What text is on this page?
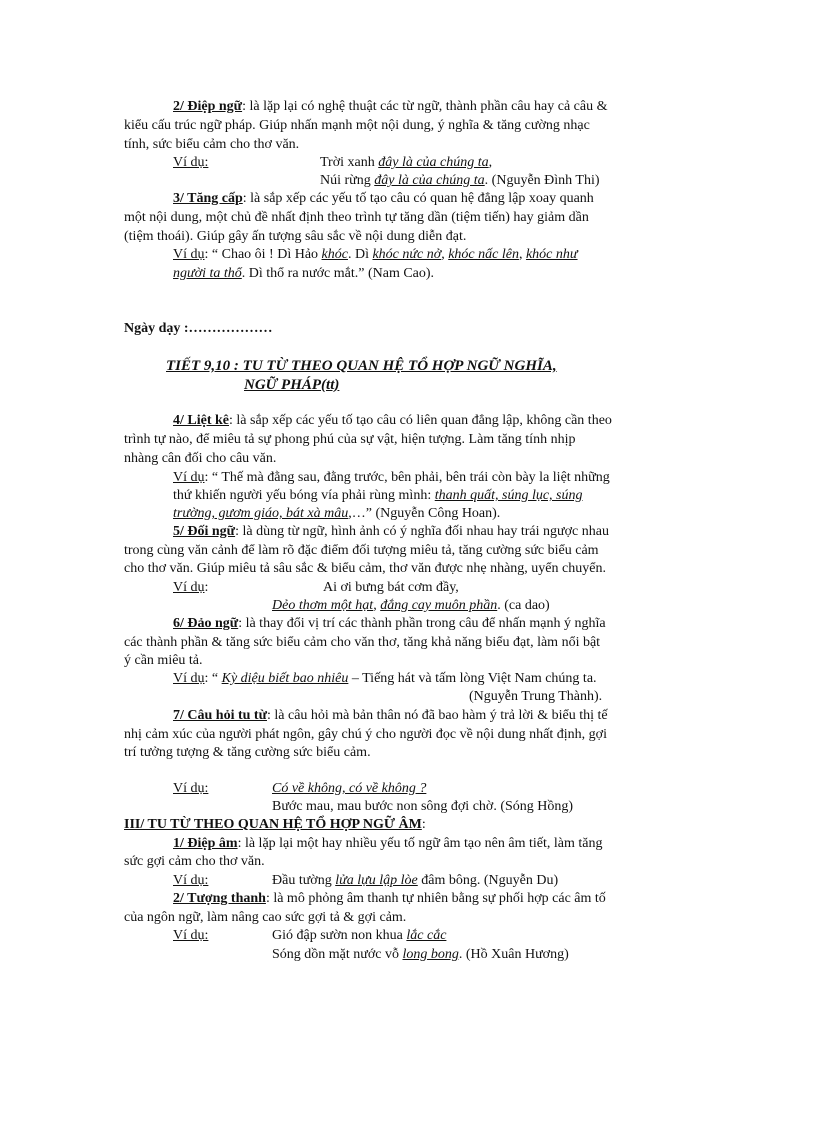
2/ Điệp ngữ: là lặp lại có nghệ thuật các từ ngữ, thành phần câu hay cả câu &
kiểu cấu trúc ngữ pháp. Giúp nhấn mạnh một nội dung, ý nghĩa & tăng cường nhạc
tính, sức biểu cảm cho thơ văn.
Ví dụ:	Trời xanh đây là của chúng ta,
Núi rừng đây là của chúng ta. (Nguyễn Đình Thi)
3/ Tăng cấp: là sắp xếp các yếu tố tạo câu có quan hệ đẳng lập xoay quanh
một nội dung, một chủ đề nhất định theo trình tự tăng dần (tiệm tiến) hay giảm dần
(tiệm thoái). Giúp gây ấn tượng sâu sắc về nội dung diễn đạt.
Ví dụ: “ Chao ôi ! Dì Hảo khóc. Dì khóc nức nở, khóc nấc lên, khóc như
người ta thổ. Dì thổ ra nước mắt.” (Nam Cao).
Ngày dạy :………………
TIẾT 9,10 : TU TỪ THEO QUAN HỆ TỔ HỢP NGỮ NGHĨA,
NGỮ PHÁP(tt)
4/ Liệt kê: là sắp xếp các yếu tố tạo câu có liên quan đẳng lập, không cần theo
trình tự nào, để miêu tả sự phong phú của sự vật, hiện tượng. Làm tăng tính nhịp
nhàng cân đối cho câu văn.
Ví dụ: “ Thế mà đằng sau, đằng trước, bên phải, bên trái còn bày la liệt những
thứ khiến người yếu bóng vía phải rùng mình: thanh quất, súng lục, súng
trường, gươm giáo, bát xà mâu,…” (Nguyễn Công Hoan).
5/ Đối ngữ: là dùng từ ngữ, hình ảnh có ý nghĩa đối nhau hay trái ngược nhau
trong cùng văn cảnh để làm rõ đặc điểm đối tượng miêu tả, tăng cường sức biểu cảm
cho thơ văn. Giúp miêu tả sâu sắc & biểu cảm, thơ văn được nhẹ nhàng, uyển chuyển.
Ví dụ:	Ai ơi bưng bát cơm đầy,
Dẻo thơm một hạt, đắng cay muôn phần. (ca dao)
6/ Đảo ngữ: là thay đổi vị trí các thành phần trong câu để nhấn mạnh ý nghĩa
các thành phần & tăng sức biểu cảm cho văn thơ, tăng khả năng biểu đạt, làm nổi bật
ý cần miêu tả.
Ví dụ: “ Kỳ diệu biết bao nhiêu – Tiếng hát và tấm lòng Việt Nam chúng ta.
(Nguyễn Trung Thành).
7/ Câu hỏi tu từ: là câu hỏi mà bản thân nó đã bao hàm ý trả lời & biểu thị tế
nhị cảm xúc của người phát ngôn, gây chú ý cho người đọc về nội dung nhất định, gợi
trí tưởng tượng & tăng cường sức biểu cảm.
Ví dụ:	Có về không, có về không ?
Bước mau, mau bước non sông đợi chờ. (Sóng Hồng)
III/ TU TỪ THEO QUAN HỆ TỔ HỢP NGỮ ÂM:
1/ Điệp âm: là lặp lại một hay nhiều yếu tố ngữ âm tạo nên âm tiết, làm tăng
sức gợi cảm cho thơ văn.
Ví dụ:	Đầu tường lửa lựu lập lòe đâm bông. (Nguyễn Du)
2/ Tượng thanh: là mô phỏng âm thanh tự nhiên bằng sự phối hợp các âm tố
của ngôn ngữ, làm nâng cao sức gợi tả & gợi cảm.
Ví dụ:	Gió đập sườn non khua lắc cắc
Sóng dồn mặt nước vỗ long bong. (Hồ Xuân Hương)
